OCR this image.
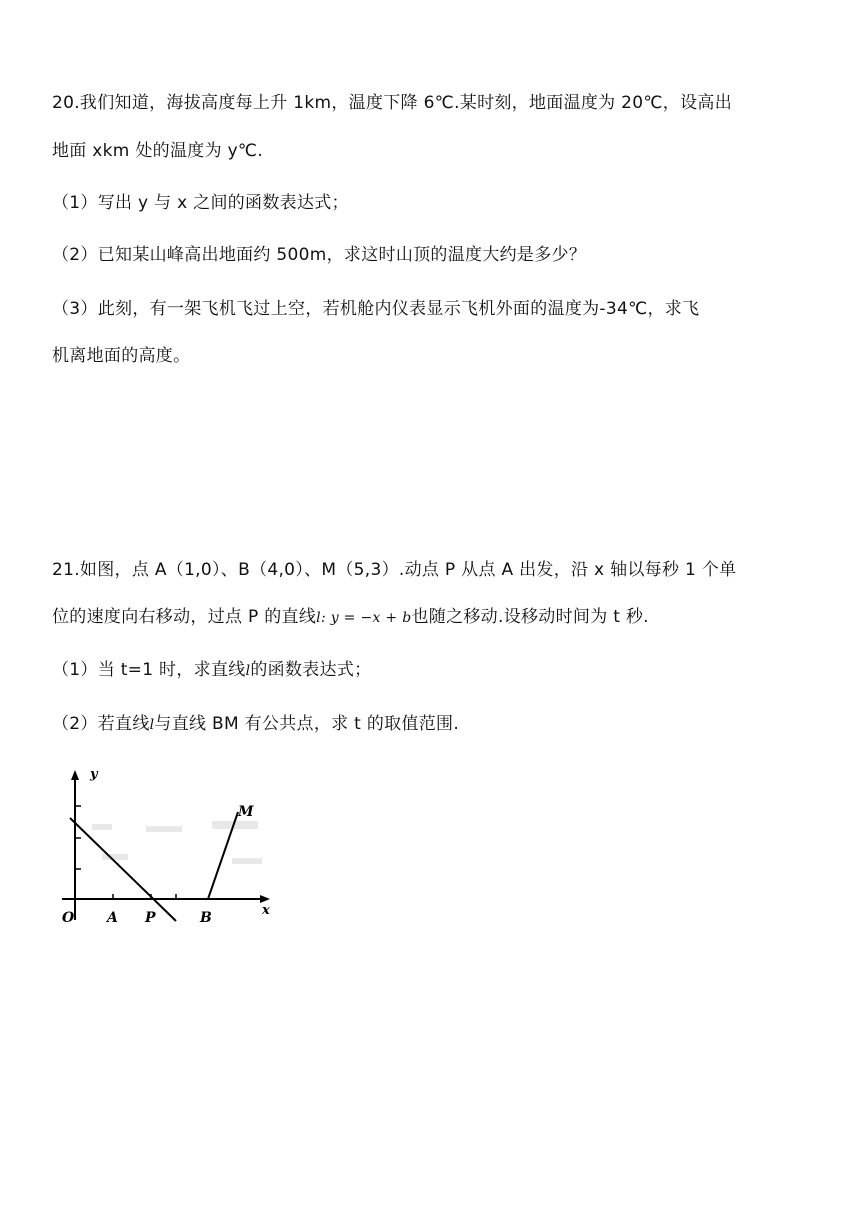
20.我们知道，海拔高度每上升 1km，温度下降 6℃.某时刻，地面温度为 20℃，设高出
地面 xkm 处的温度为 y℃.
（1）写出 y 与 x 之间的函数表达式；
（2）已知某山峰高出地面约 500m，求这时山顶的温度大约是多少？
（3）此刻，有一架飞机飞过上空，若机舱内仪表显示飞机外面的温度为-34℃，求飞
机离地面的高度。
21.如图，点 A（1,0）、B（4,0）、M（5,3）.动点 P 从点 A 出发，沿 x 轴以每秒 1 个单
位的速度向右移动，过点 P 的直线l: y = −x + b也随之移动.设移动时间为 t 秒.
（1）当 t=1 时，求直线l的函数表达式；
（2）若直线l与直线 BM 有公共点，求 t 的取值范围.
y
x
O A P	B
M
